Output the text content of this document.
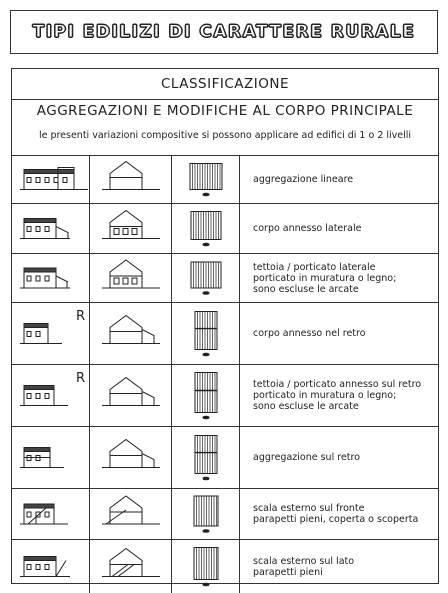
TIPI EDILIZI DI CARATTERE RURALE
CLASSIFICAZIONE
AGGREGAZIONI E MODIFICHE AL CORPO PRINCIPALE
le presenti variazioni compositive si possono applicare ad edifici di 1 o 2 livelli
aggregazione lineare
corpo annesso laterale
tettoia / porticato laterale
porticato in muratura o legno;
sono escluse le arcate
R
corpo annesso nel retro
R	tettoia / porticato annesso sul retro
porticato in muratura o legno;
sono escluse le arcate
aggregazione sul retro
scala esterno sul fronte
parapetti pieni, coperta o scoperta
scala esterno sul lato
parapetti pieni
